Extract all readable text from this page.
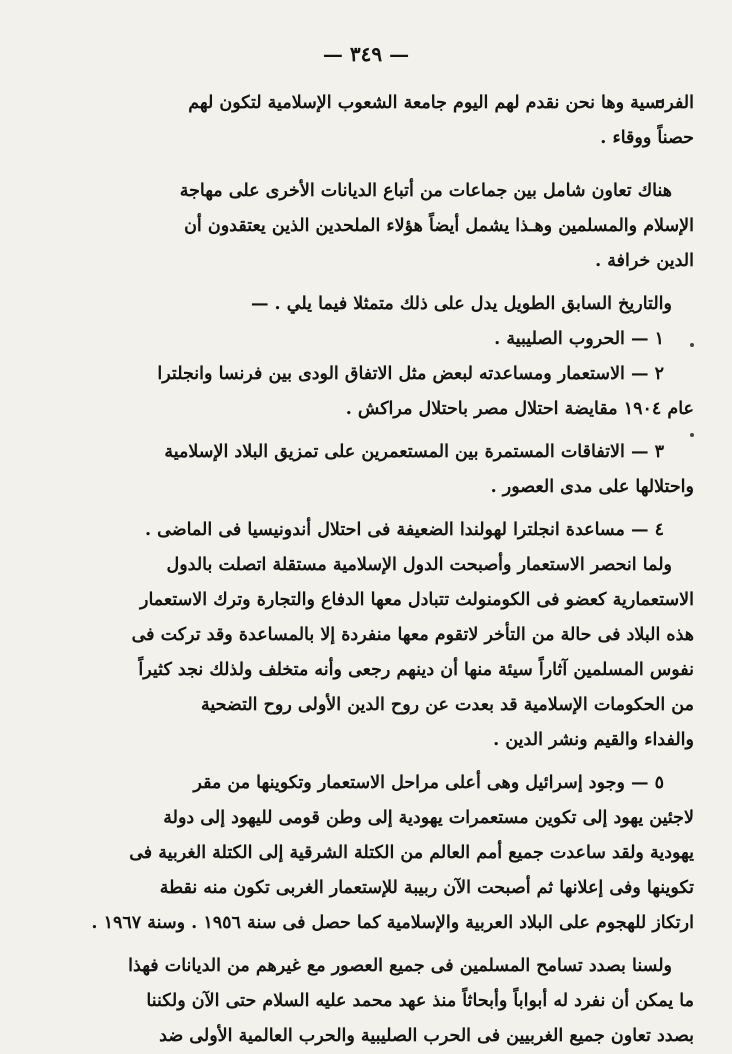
— ٣٤٩ —
الفرنسية وها نحن نقدم لهم اليوم جامعة الشعوب الإسلامية لتكون لهم
حصناً ووقاء .
هناك تعاون شامل بين جماعات من أتباع الديانات الأخرى على مهاجة
الإسلام والمسلمين وهـذا يشمل أيضاً هؤلاء الملحدين الذين يعتقدون أن
الدين خرافة .
والتاريخ السابق الطويل يدل على ذلك متمثلا فيما يلي . —
١ — الحروب الصليبية .
٢ — الاستعمار ومساعدته لبعض مثل الاتفاق الودى بين فرنسا وانجلترا
عام ١٩٠٤ مقايضة احتلال مصر باحتلال مراكش .
٣ — الاتفاقات المستمرة بين المستعمرين على تمزيق البلاد الإسلامية
واحتلالها على مدى العصور .
٤ — مساعدة انجلترا لهولندا الضعيفة فى احتلال أندونيسيا فى الماضى .
ولما انحصر الاستعمار وأصبحت الدول الإسلامية مستقلة اتصلت بالدول
الاستعمارية كعضو فى الكومنولث تتبادل معها الدفاع والتجارة وترك الاستعمار
هذه البلاد فى حالة من التأخر لاتقوم معها منفردة إلا بالمساعدة وقد تركت فى
نفوس المسلمين آثاراً سيئة منها أن دينهم رجعى وأنه متخلف ولذلك نجد كثيراً
من الحكومات الإسلامية قد بعدت عن روح الدين الأولى روح التضحية
والفداء والقيم ونشر الدين .
٥ — وجود إسرائيل وهى أعلى مراحل الاستعمار وتكوينها من مقر
لاجئين يهود إلى تكوين مستعمرات يهودية إلى وطن قومى لليهود إلى دولة
يهودية ولقد ساعدت جميع أمم العالم من الكتلة الشرقية إلى الكتلة الغربية فى
تكوينها وفى إعلانها ثم أصبحت الآن ربيبة للإستعمار الغربى تكون منه نقطة
ارتكاز للهجوم على البلاد العربية والإسلامية كما حصل فى سنة ١٩٥٦ . وسنة ١٩٦٧ .
ولسنا بصدد تسامح المسلمين فى جميع العصور مع غيرهم من الديانات فهذا
ما يمكن أن نفرد له أبواباً وأبحاثاً منذ عهد محمد عليه السلام حتى الآن ولكننا
بصدد تعاون جميع الغربيين فى الحرب الصليبية والحرب العالمية الأولى ضد
